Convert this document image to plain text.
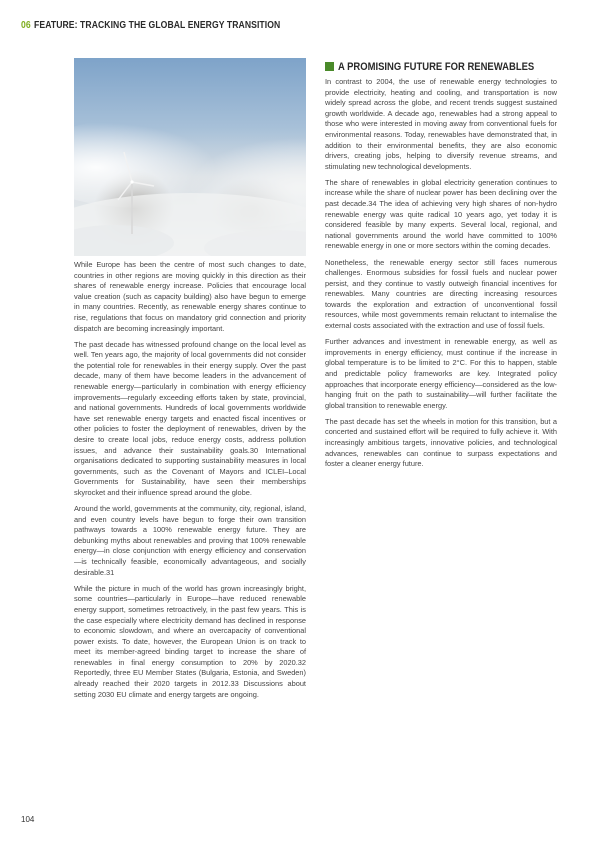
06 FEATURE: TRACKING THE GLOBAL ENERGY TRANSITION

While Europe has been the centre of most such changes to date, countries in other regions are moving quickly in this direction as their shares of renewable energy increase. Policies that encourage local value creation (such as capacity building) also have begun to emerge in many countries. Recently, as renewable energy shares continue to rise, regulations that focus on mandatory grid connection and priority dispatch are becoming increasingly important.

The past decade has witnessed profound change on the local level as well. Ten years ago, the majority of local governments did not consider the potential role for renewables in their energy supply. Over the past decade, many of them have become leaders in the advancement of renewable energy—particularly in combination with energy efficiency improvements—regularly exceeding efforts taken by state, provincial, and national governments. Hundreds of local governments worldwide have set renewable energy targets and enacted fiscal incentives or other policies to foster the deployment of renewables, driven by the desire to create local jobs, reduce energy costs, address pollution issues, and advance their sustainability goals.30 International organisations dedicated to supporting sustainability measures in local governments, such as the Covenant of Mayors and ICLEI–Local Governments for Sustainability, have seen their memberships skyrocket and their influence spread around the globe.

Around the world, governments at the community, city, regional, island, and even country levels have begun to forge their own transition pathways towards a 100% renewable energy future. They are debunking myths about renewables and proving that 100% renewable energy—in close conjunction with energy efficiency and conservation—is technically feasible, economically advantageous, and socially desirable.31

While the picture in much of the world has grown increasingly bright, some countries—particularly in Europe—have reduced renewable energy support, sometimes retroactively, in the past few years. This is the case especially where electricity demand has declined in response to economic slowdown, and where an overcapacity of conventional power exists. To date, however, the European Union is on track to meet its member-agreed binding target to increase the share of renewables in final energy consumption to 20% by 2020.32 Reportedly, three EU Member States (Bulgaria, Estonia, and Sweden) already reached their 2020 targets in 2012.33 Discussions about setting 2030 EU climate and energy targets are ongoing.

A PROMISING FUTURE FOR RENEWABLES

In contrast to 2004, the use of renewable energy technologies to provide electricity, heating and cooling, and transportation is now widely spread across the globe, and recent trends suggest sustained growth worldwide. A decade ago, renewables had a strong appeal to those who were interested in moving away from conventional fuels for environmental reasons. Today, renewables have demonstrated that, in addition to their environmental benefits, they are also economic drivers, creating jobs, helping to diversify revenue streams, and stimulating new technological developments.

The share of renewables in global electricity generation continues to increase while the share of nuclear power has been declining over the past decade.34 The idea of achieving very high shares of non-hydro renewable energy was quite radical 10 years ago, yet today it is considered feasible by many experts. Several local, regional, and national governments around the world have committed to 100% renewable energy in one or more sectors within the coming decades.

Nonetheless, the renewable energy sector still faces numerous challenges. Enormous subsidies for fossil fuels and nuclear power persist, and they continue to vastly outweigh financial incentives for renewables. Many countries are directing increasing resources towards the exploration and extraction of unconventional fossil resources, while most governments remain reluctant to internalise the external costs associated with the extraction and use of fossil fuels.

Further advances and investment in renewable energy, as well as improvements in energy efficiency, must continue if the increase in global temperature is to be limited to 2°C. For this to happen, stable and predictable policy frameworks are key. Integrated policy approaches that incorporate energy efficiency—considered as the low-hanging fruit on the path to sustainability—will further facilitate the global transition to renewable energy.

The past decade has set the wheels in motion for this transition, but a concerted and sustained effort will be required to fully achieve it. With increasingly ambitious targets, innovative policies, and technological advances, renewables can continue to surpass expectations and foster a cleaner energy future.

104
